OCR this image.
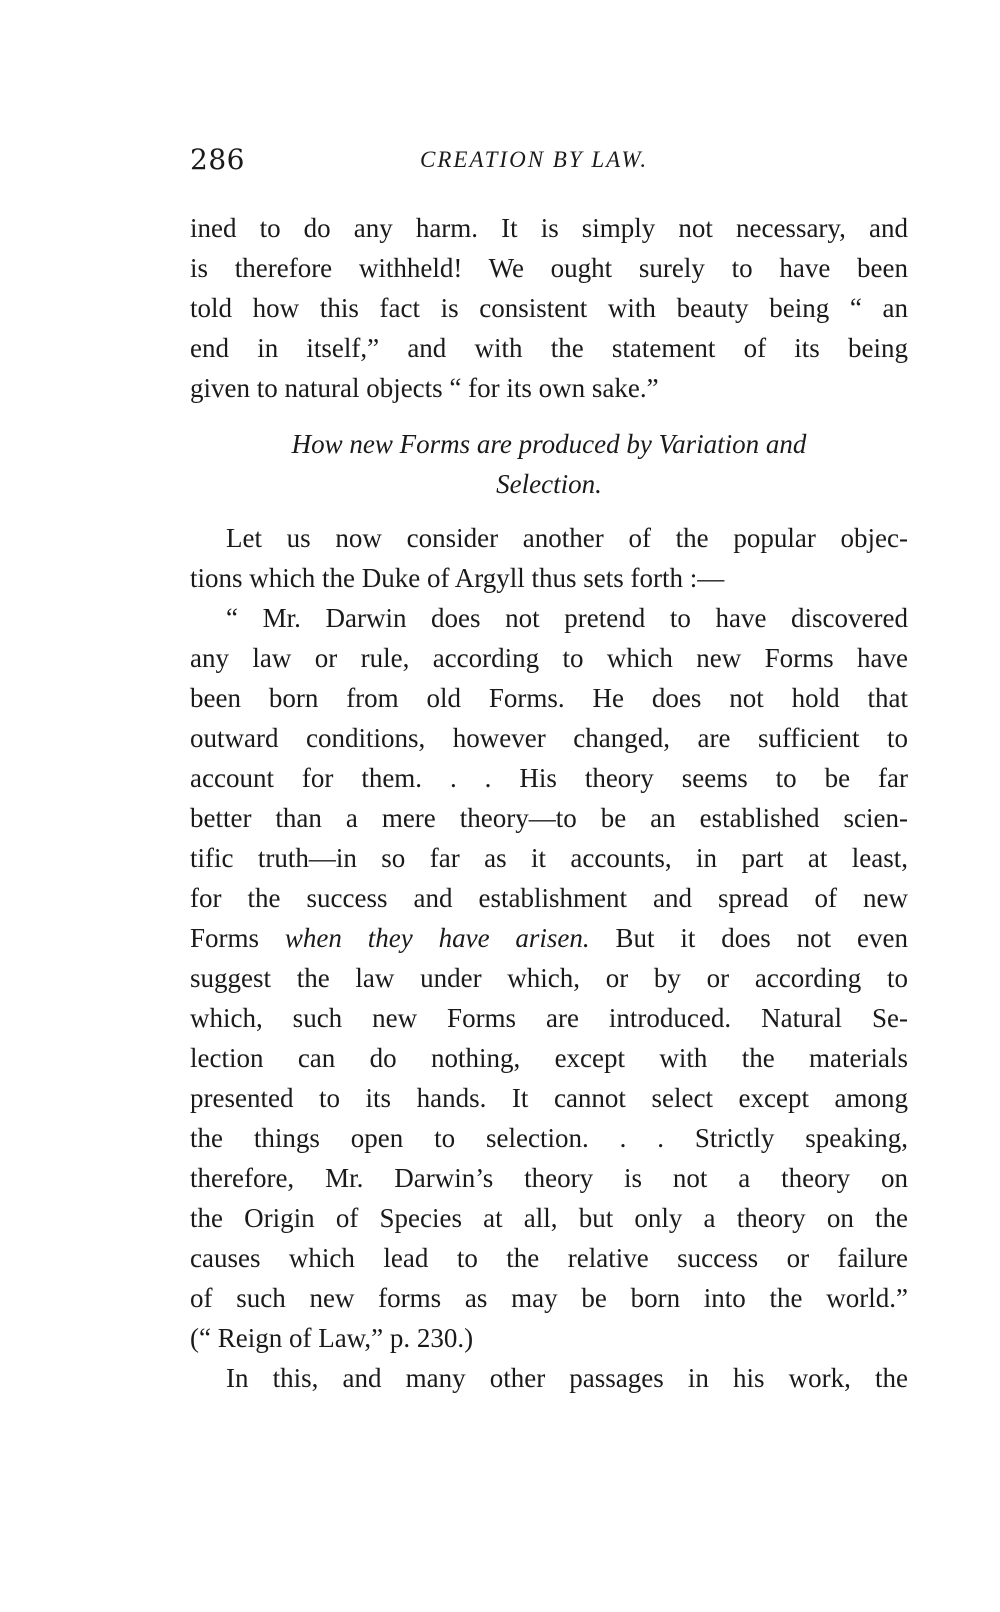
286	CREATION BY LAW.
ined to do any harm. It is simply not necessary, and
is therefore withheld! We ought surely to have been
told how this fact is consistent with beauty being “ an
end in itself,” and with the statement of its being
given to natural objects “ for its own sake.”
How new Forms are produced by Variation and
Selection.
Let us now consider another of the popular objec-
tions which the Duke of Argyll thus sets forth :—
“ Mr. Darwin does not pretend to have discovered
any law or rule, according to which new Forms have
been born from old Forms. He does not hold that
outward conditions, however changed, are sufficient to
account for them. . . His theory seems to be far
better than a mere theory—to be an established scien-
tific truth—in so far as it accounts, in part at least,
for the success and establishment and spread of new
Forms when they have arisen. But it does not even
suggest the law under which, or by or according to
which, such new Forms are introduced. Natural Se-
lection can do nothing, except with the materials
presented to its hands. It cannot select except among
the things open to selection. . . Strictly speaking,
therefore, Mr. Darwin’s theory is not a theory on
the Origin of Species at all, but only a theory on the
causes which lead to the relative success or failure
of such new forms as may be born into the world.”
(“ Reign of Law,” p. 230.)
In this, and many other passages in his work, the
